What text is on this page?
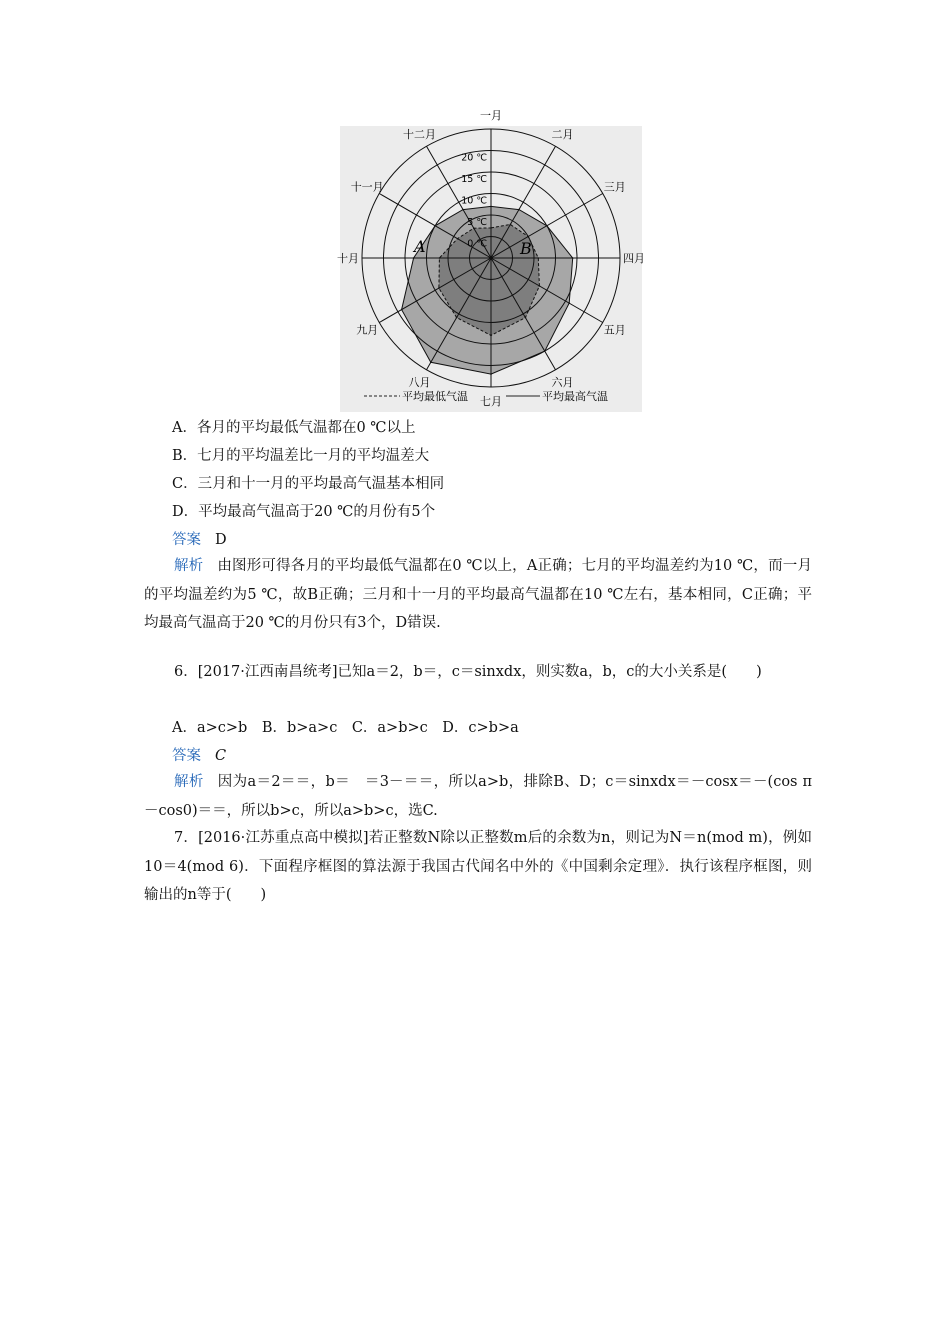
一月
二月
三月
四月
五月
六月
七月
八月
九月
十月
十一月
十二月
0 ℃
5 ℃
10 ℃
15 ℃
20 ℃
A	B
平均最低气温	平均最高气温
A．各月的平均最低气温都在0 ℃以上
B．七月的平均温差比一月的平均温差大
C．三月和十一月的平均最高气温基本相同
D．平均最高气温高于20 ℃的月份有5个
答案 D
解析 由图形可得各月的平均最低气温都在0 ℃以上，A正确；七月的平均温差约为10 ℃，而一月的平均温差约为5 ℃，故B正确；三月和十一月的平均最高气温都在10 ℃左右，基本相同，C正确；平均最高气温高于20 ℃的月份只有3个，D错误.
6．[2017·江西南昌统考]已知a＝2，b＝，c＝sinxdx，则实数a，b，c的大小关系是(　　)
A．a>c>b　B．b>a>c　C．a>b>c　D．c>b>a
答案 C
解析 因为a＝2＝＝，b＝　＝3－＝＝，所以a>b，排除B、D；c＝sinxdx＝－cosx＝－(cos π－cos0)＝＝，所以b>c，所以a>b>c，选C.
7．[2016·江苏重点高中模拟]若正整数N除以正整数m后的余数为n，则记为N＝n(mod m)，例如10＝4(mod 6)．下面程序框图的算法源于我国古代闻名中外的《中国剩余定理》．执行该程序框图，则输出的n等于(　　)
